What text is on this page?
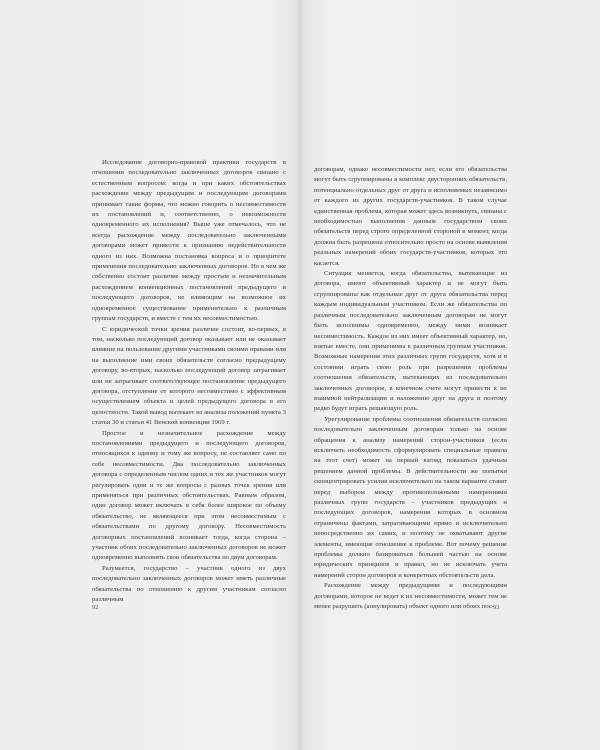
Исследование договорно-правовой практики государств в отношении последовательно заключенных договоров связано с естественным вопросом: когда и при каких обстоятельствах расхождение между предыдущим и последующим договорами принимает такие формы, что можно говорить о несовместимости их постановлений и, соответственно, о невозможности одновременного их исполнения? Выше уже отмечалось, что не всегда расхождение между последовательно заключенными договорами может привести к признанию недействительности одного из них. Возможна постановка вопроса и о приоритете применения последовательно заключенных договоров. Но в чем же собственно состоит различие между простым и незначительным расхождением конвенционных постановлений предыдущего и последующего договоров, не влияющим на возможное их одновременное существование применительно к различным группам государств, и вместе с тем их несовместимостью.

С юридической точки зрения различие состоит, во-первых, в том, насколько последующий договор оказывает или не оказывает влияние на пользование другими участниками своими правами или на выполнение ими своих обязательств согласно предыдущему договору, во-вторых, насколько последующий договор затрагивает или не затрагивает соответствующее постановление предыдущего договора, отступление от которого несовместимо с эффективным осуществлением объекта и целей предыдущего договора в его целостности. Такой вывод вытекает из анализа положений пункта 3 статьи 30 и статьи 41 Венской конвенции 1969 г.

Простое и незначительное расхождение между постановлениями предыдущего и последующего договоров, относящихся к одному и тому же вопросу, не составляет само по себе несовместимости. Два последовательно заключенных договора с определенным числом одних и тех же участников могут регулировать одни и те же вопросы с разных точек зрения или применяться при различных обстоятельствах. Равным образом, один договор может включать в себя более широкое по объему обязательство, не являющееся при этом несовместимым с обязательствами по другому договору. Несовместимость договорных постановлений возникает тогда, когда сторона – участник обоих последовательно заключенных договоров не может одновременно выполнять свои обязательства по двум договорам.

Разумеется, государство – участник одного из двух последовательно заключенных договоров может иметь различные обязательства по отношению к другим участникам согласно различным

92

договорам, однако несовместимости нет, если его обязательства могут быть сгруппированы в комплекс двусторонних обязательств, потенциально отдельных друг от друга и исполняемых независимо от каждого из других государств-участников. В таком случае единственная проблема, которая может здесь возникнуть, связана с необходимостью выполнения данным государством своих обязательств перед строго определенной стороной в момент, когда должна быть разрешена относительно просто на основе выявления реальных намерений обоих государств-участников, которых это касается.

Ситуация меняется, когда обязательства, вытекающие из договора, имеют объективный характер и не могут быть сгруппированы как отдельные друг от друга обязательства перед каждым индивидуальным участником. Если же обязательства по различным последовательно заключенным договорам не могут быть исполнимы одновременно, между ними возникает несовместимость. Каждое из них имеет объективный характер, но, взятые вместе, они применимы к различным группам участников. Возможные намерения этих различных групп государств, хотя и в состоянии играть свою роль при разрешении проблемы соотношения обязательств, вытекающих из последовательно заключенных договоров, в конечном счете могут привести к их взаимной нейтрализации и наложению друг на друга и поэтому редко будут играть решающую роль.

Урегулирование проблемы соотношения обязательств согласно последовательно заключенным договорам только на основе обращения к анализу намерений сторон-участников (если исключить необходимость сформулировать специальные правила на этот счет) может на первый взгляд показаться удачным решением данной проблемы. В действительности же попытки сконцентрировать усилия исключительно на таком варианте ставят перед выбором между противоположными намерениями различных групп государств – участников предыдущих и последующих договоров, намерения которых в основном ограничены фактами, затрагивающими прямо и исключительно непосредственно их самих, и поэтому не охватывают другие элементы, имеющие отношение к проблеме. Вот почему решение проблемы должно базироваться большей частью на основе юридических принципов и правил, но не исключать учета намерений сторон договоров и конкретных обстоятельств дела.

Расхождение между предыдущими и последующими договорами, которое не ведет к их несовместимости, может тем не менее разрушить (аннулировать) объект одного или обоих пос-

93
